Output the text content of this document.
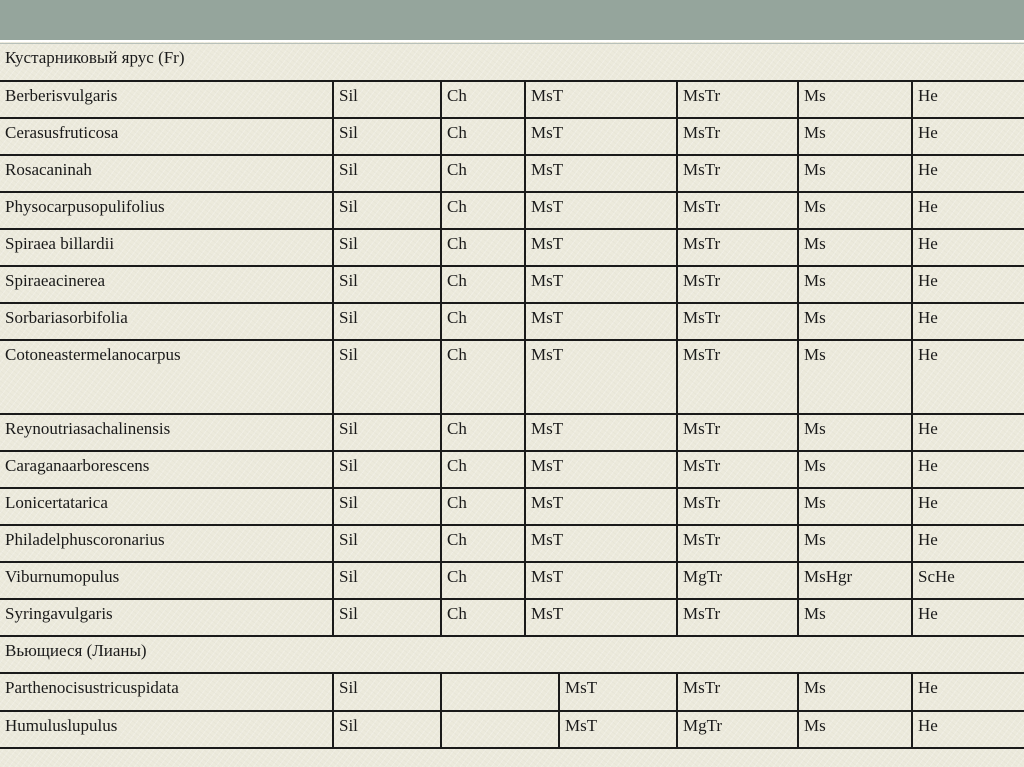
Кустарниковый ярус (Fr)						
Berberisvulgaris	Sil	Ch	MsT	MsTr	Ms	He
Cerasusfruticosa	Sil	Ch	MsT	MsTr	Ms	He
Rosacaninah	Sil	Ch	MsT	MsTr	Ms	He
Physocarpusopulifolius	Sil	Ch	MsT	MsTr	Ms	He
Spiraea billardii	Sil	Ch	MsT	MsTr	Ms	He
Spiraeacinerea	Sil	Ch	MsT	MsTr	Ms	He
Sorbariasorbifolia	Sil	Ch	MsT	MsTr	Ms	He
Cotoneastermelanocarpus	Sil	Ch	MsT	MsTr	Ms	He
Reynoutriasachalinensis	Sil	Ch	MsT	MsTr	Ms	He
Caraganaarborescens	Sil	Ch	MsT	MsTr	Ms	He
Lonicertatarica	Sil	Ch	MsT	MsTr	Ms	He
Philadelphuscoronarius	Sil	Ch	MsT	MsTr	Ms	He
Viburnumopulus	Sil	Ch	MsT	MgTr	MsHgr	ScHe
Syringavulgaris	Sil	Ch	MsT	MsTr	Ms	He
Вьющиеся (Лианы)						
Parthenocisustricuspidata	Sil		MsT	MsTr	Ms	He
Humuluslupulus	Sil		MsT	MgTr	Ms	He
